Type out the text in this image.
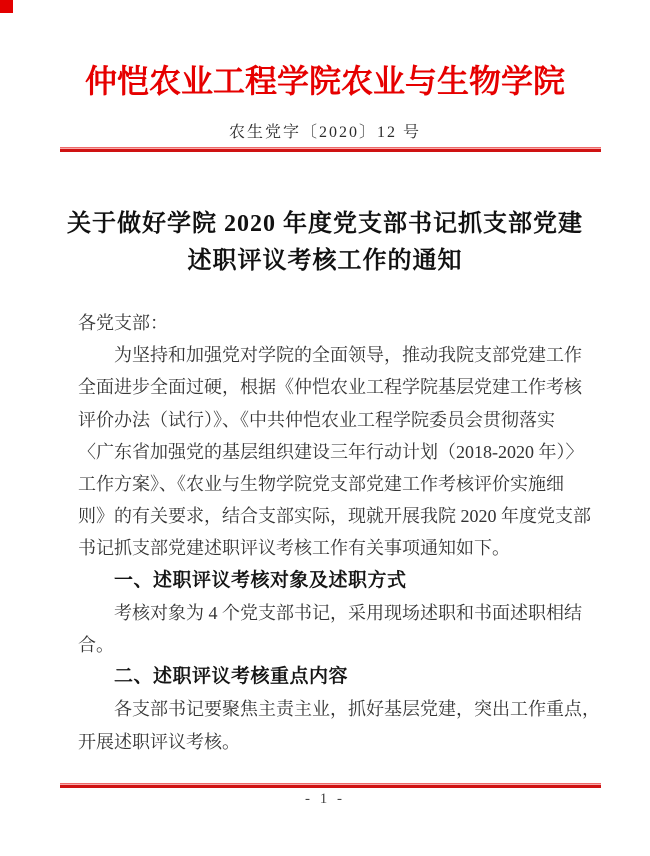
仲恺农业工程学院农业与生物学院
农生党字〔2020〕12 号
关于做好学院 2020 年度党支部书记抓支部党建
述职评议考核工作的通知
各党支部：
为坚持和加强党对学院的全面领导，推动我院支部党建工作
全面进步全面过硬，根据《仲恺农业工程学院基层党建工作考核
评价办法（试行）》、《中共仲恺农业工程学院委员会贯彻落实
〈广东省加强党的基层组织建设三年行动计划（2018-2020 年）〉
工作方案》、《农业与生物学院党支部党建工作考核评价实施细
则》的有关要求，结合支部实际，现就开展我院 2020 年度党支部
书记抓支部党建述职评议考核工作有关事项通知如下。
一、述职评议考核对象及述职方式
考核对象为 4 个党支部书记，采用现场述职和书面述职相结
合。
二、述职评议考核重点内容
各支部书记要聚焦主责主业，抓好基层党建，突出工作重点，
开展述职评议考核。
- 1 -
